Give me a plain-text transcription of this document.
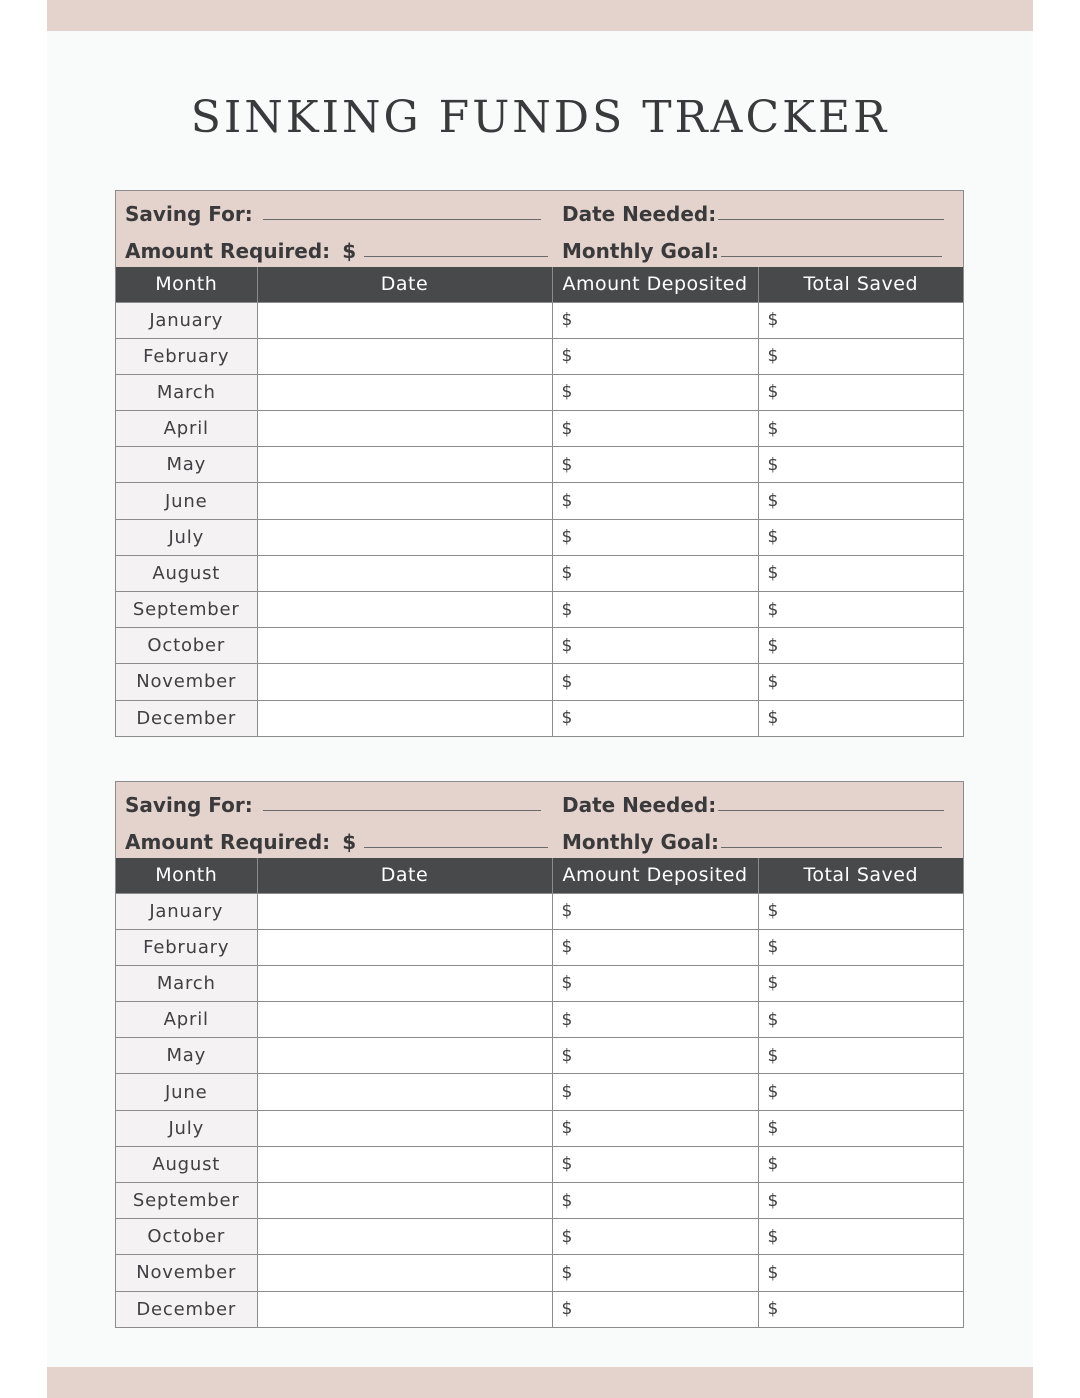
SINKING FUNDS TRACKER
Saving For:
Amount Required: $
Date Needed:
Monthly Goal:
Month	Date	Amount Deposited	Total Saved
January		$	$
February		$	$
March		$	$
April		$	$
May		$	$
June		$	$
July		$	$
August		$	$
September		$	$
October		$	$
November		$	$
December		$	$
Saving For:
Amount Required: $
Date Needed:
Monthly Goal:
Month	Date	Amount Deposited	Total Saved
January		$	$
February		$	$
March		$	$
April		$	$
May		$	$
June		$	$
July		$	$
August		$	$
September		$	$
October		$	$
November		$	$
December		$	$
